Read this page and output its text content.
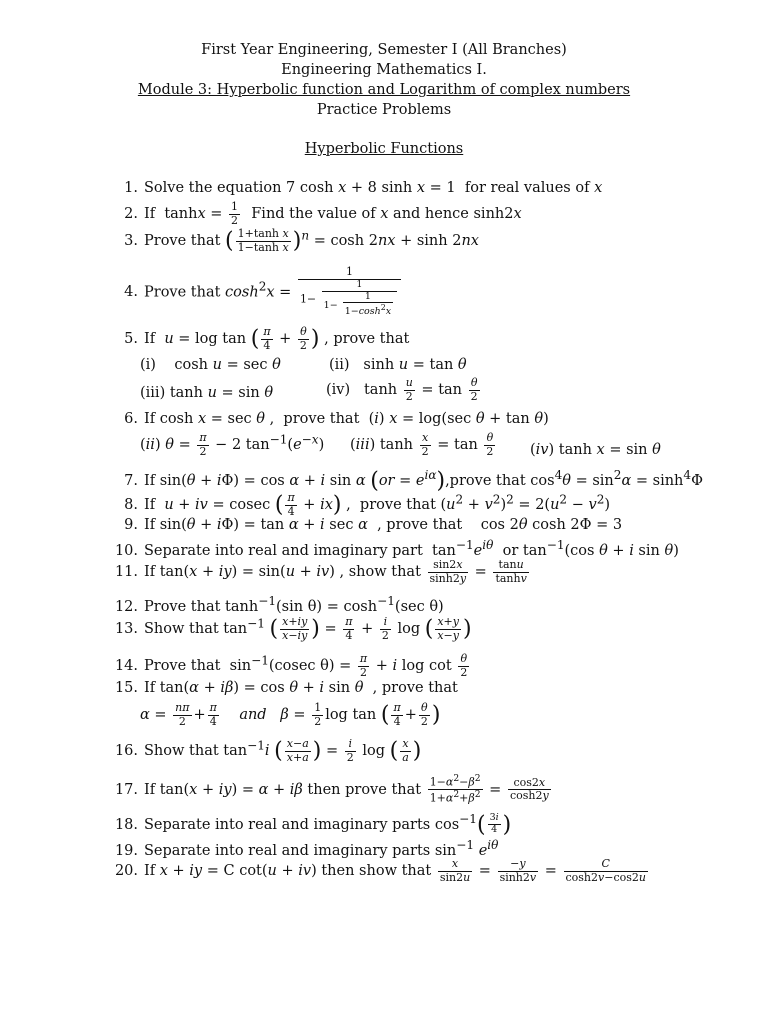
First Year Engineering, Semester I (All Branches)
Engineering Mathematics I.
Module 3: Hyperbolic function and Logarithm of complex numbers
Practice Problems
Hyperbolic Functions
1. Solve the equation 7 cosh x + 8 sinh x = 1  for real values of x
2. If  $\tanh x = \frac{1}{2}$ Find the value of x and hence sinh2x
3. Prove that ( $\frac{\text{1+tanh x}}{\text{1−tanh x}} )^n = \cosh 2nx + \sinh 2nx$
4. Prove that $\cosh^2x = \frac{1}{1- \frac{1}{1- \frac{1}{1-\cosh^2x}}}$
5. If  u = log tan ( $\frac{\pi}{4} + \frac{\theta}{2}$ ) , prove that
(i)    cosh u = sec θ	(ii)   sinh u = tan θ
(iii) tanh u = sin θ	(iv)   $\tanh \frac{u}{2} = \tan \frac{\theta}{2}$
6. If cosh x = sec θ ,  prove that  (i) x = log(sec θ + tan θ)
(ii) $\theta = \frac{\pi}{2} - 2$ $\tan^{-1}(e^{-x})$ (iii) $\tanh \frac{x}{2} = \tan \frac{\theta}{2} (iv)$ tanh x = sin θ
7. If sin(θ + iΦ) = cos α + i sin α $(or = e^{i\alpha}),prove$ that $\cos^4\theta = \sin^2\alpha = \sinh^4\Phi$
8. If  u + iv = cosec ( $\frac{\pi}{4} + ix$) ,  prove that $(u^2 + v^2)^2 = 2(u^2 - v^2)$
9. If sin(θ + iΦ) = tan α + i sec α  , prove that    cos 2θ cosh 2Φ = 3
10. Separate into real and imaginary part  $\tan^{-1}e^{i\theta}$  or $\tan^{-1}(\cos$ θ + i sin θ)
11. If tan(x + iy) = sin(u + iv) , show that $\frac{\sin 2x}{\sinh 2y} = \frac{\tan u}{\tanh v}$
12. Prove that $\tanh^{-1}(\sin$ $\theta) = \cosh^{-1}(\sec$ θ)
13. Show that $\tan^{-1}$ ( $\frac{x+iy}{x-iy}$ ) = $\frac{\pi}{4} + \frac{i}{2}$ log ( $\frac{x+y}{x-y}$ )
14. Prove that  $\sin^{-1}(cosec$ $\theta) = \frac{\pi}{2} + i$ $\log \cot \frac{\theta}{2}$
15. If tan(α + iβ) = cos θ + i sin θ  , prove that
$\alpha = \frac{n\pi}{2} + \frac{\pi}{4}$ and $\beta = \frac{1}{2}$ log tan ( $\frac{\pi}{4} + \frac{\theta}{2}$ )
16. Show that $\tan^{-1}i$ ( $\frac{x-a}{x+a}$ ) = $\frac{i}{2}$ log ( $\frac{x}{a}$ )
17. If tan(x + iy) = α + iβ then prove that $\frac{1-\alpha^2-\beta^2}{1+\alpha^2+\beta^2} = \frac{\cos 2x}{\cosh 2y}$
18. Separate into real and imaginary parts $\cos^{-1}( \frac{3i}{4}$ )
19. Separate into real and imaginary parts $\sin^{-1} e^{i\theta}$
20. If x + iy = C cot(u + iv) then show that $\frac{x}{\sin 2u} = \frac{-y}{\sinh 2v} = \frac{C}{\cosh 2v-\cos 2u}$
